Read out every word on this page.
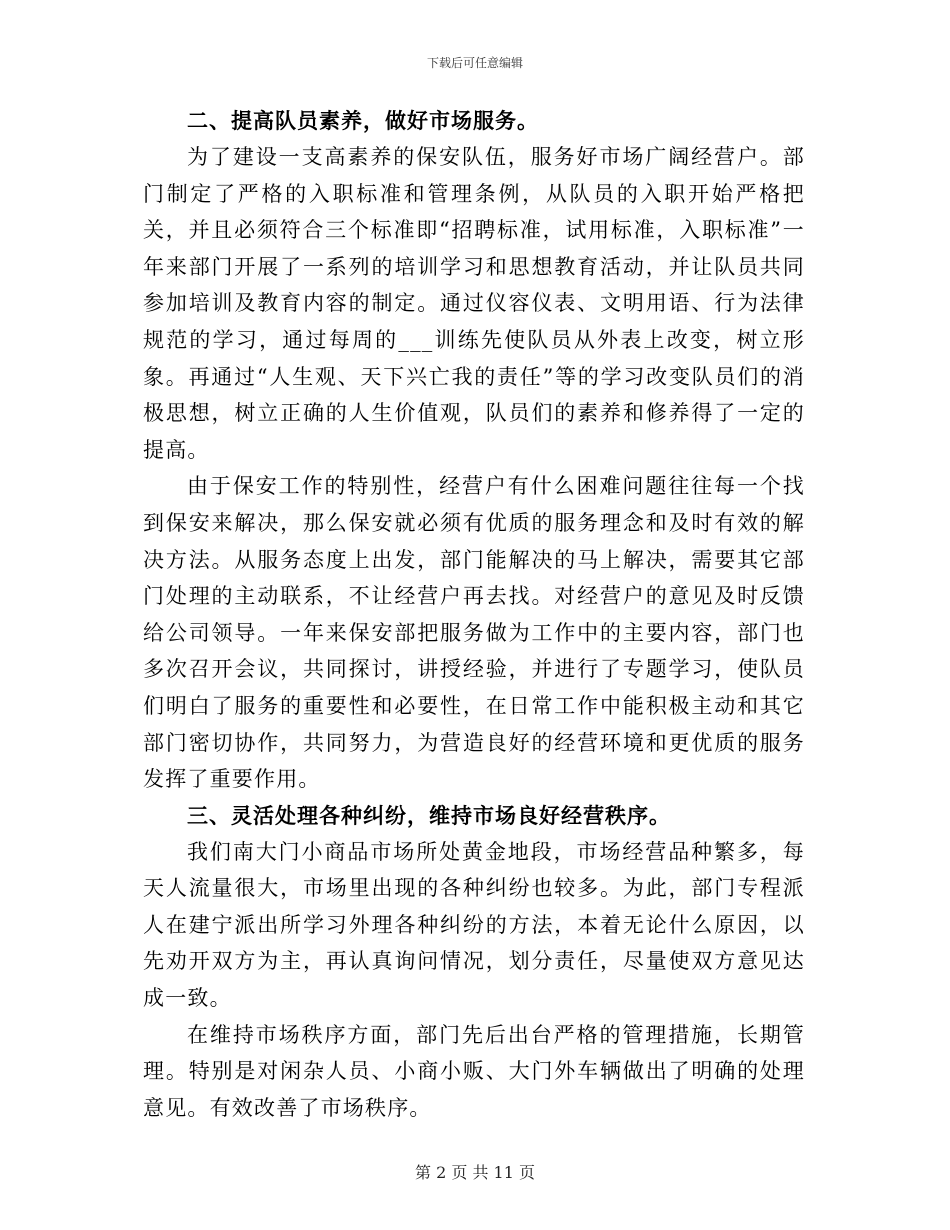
下载后可任意编辑
二、提高队员素养，做好市场服务。
为了建设一支高素养的保安队伍，服务好市场广阔经营户。部门制定了严格的入职标准和管理条例，从队员的入职开始严格把关，并且必须符合三个标准即“招聘标准，试用标准，入职标准”一年来部门开展了一系列的培训学习和思想教育活动，并让队员共同参加培训及教育内容的制定。通过仪容仪表、文明用语、行为法律规范的学习，通过每周的___训练先使队员从外表上改变，树立形象。再通过“人生观、天下兴亡我的责任”等的学习改变队员们的消极思想，树立正确的人生价值观，队员们的素养和修养得了一定的提高。
由于保安工作的特别性，经营户有什么困难问题往往每一个找到保安来解决，那么保安就必须有优质的服务理念和及时有效的解决方法。从服务态度上出发，部门能解决的马上解决，需要其它部门处理的主动联系，不让经营户再去找。对经营户的意见及时反馈给公司领导。一年来保安部把服务做为工作中的主要内容，部门也多次召开会议，共同探讨，讲授经验，并进行了专题学习，使队员们明白了服务的重要性和必要性，在日常工作中能积极主动和其它部门密切协作，共同努力，为营造良好的经营环境和更优质的服务发挥了重要作用。
三、灵活处理各种纠纷，维持市场良好经营秩序。
我们南大门小商品市场所处黄金地段，市场经营品种繁多，每天人流量很大，市场里出现的各种纠纷也较多。为此，部门专程派人在建宁派出所学习外理各种纠纷的方法，本着无论什么原因，以先劝开双方为主，再认真询问情况，划分责任，尽量使双方意见达成一致。
在维持市场秩序方面，部门先后出台严格的管理措施，长期管理。特别是对闲杂人员、小商小贩、大门外车辆做出了明确的处理意见。有效改善了市场秩序。
第 2 页 共 11 页
